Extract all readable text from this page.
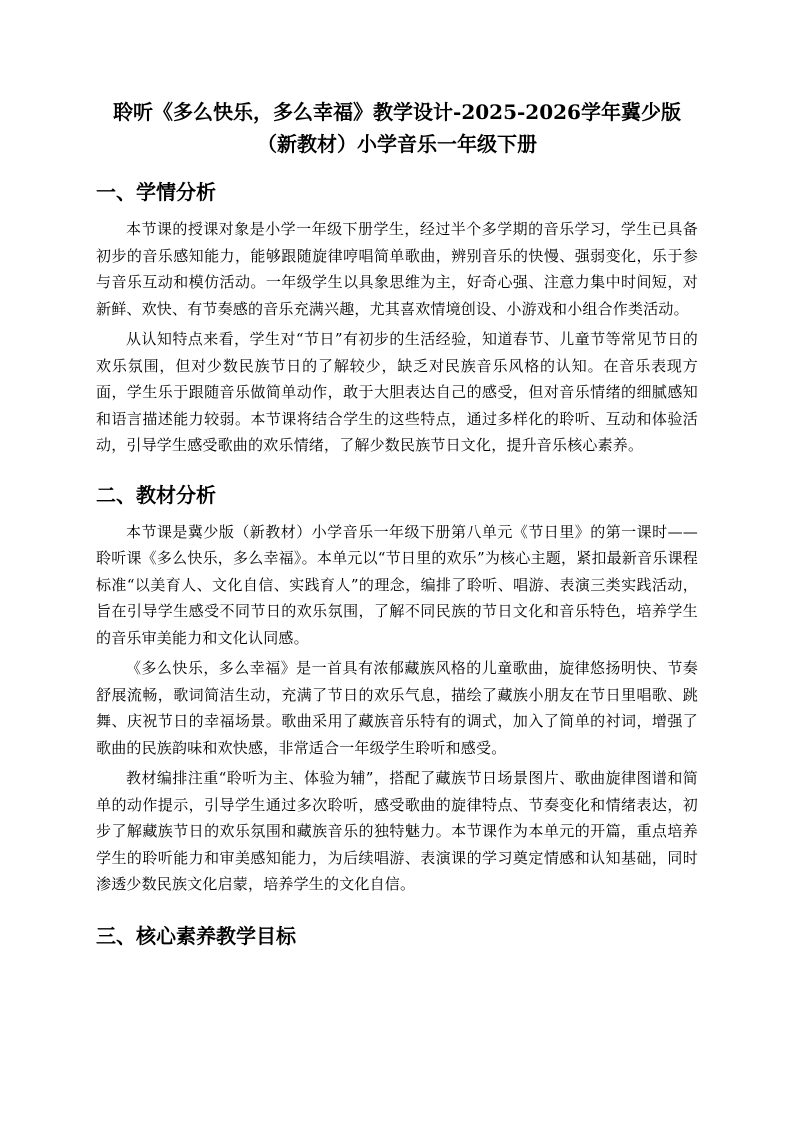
聆听《多么快乐，多么幸福》教学设计-2025-2026学年冀少版（新教材）小学音乐一年级下册
一、学情分析

本节课的授课对象是小学一年级下册学生，经过半个多学期的音乐学习，学生已具备初步的音乐感知能力，能够跟随旋律哼唱简单歌曲，辨别音乐的快慢、强弱变化，乐于参与音乐互动和模仿活动。一年级学生以具象思维为主，好奇心强、注意力集中时间短，对新鲜、欢快、有节奏感的音乐充满兴趣，尤其喜欢情境创设、小游戏和小组合作类活动。

从认知特点来看，学生对“节日”有初步的生活经验，知道春节、儿童节等常见节日的欢乐氛围，但对少数民族节日的了解较少，缺乏对民族音乐风格的认知。在音乐表现方面，学生乐于跟随音乐做简单动作，敢于大胆表达自己的感受，但对音乐情绪的细腻感知和语言描述能力较弱。本节课将结合学生的这些特点，通过多样化的聆听、互动和体验活动，引导学生感受歌曲的欢乐情绪，了解少数民族节日文化，提升音乐核心素养。

二、教材分析

本节课是冀少版（新教材）小学音乐一年级下册第八单元《节日里》的第一课时——聆听课《多么快乐，多么幸福》。本单元以“节日里的欢乐”为核心主题，紧扣最新音乐课程标准“以美育人、文化自信、实践育人”的理念，编排了聆听、唱游、表演三类实践活动，旨在引导学生感受不同节日的欢乐氛围，了解不同民族的节日文化和音乐特色，培养学生的音乐审美能力和文化认同感。

《多么快乐，多么幸福》是一首具有浓郁藏族风格的儿童歌曲，旋律悠扬明快、节奏舒展流畅，歌词简洁生动，充满了节日的欢乐气息，描绘了藏族小朋友在节日里唱歌、跳舞、庆祝节日的幸福场景。歌曲采用了藏族音乐特有的调式，加入了简单的衬词，增强了歌曲的民族韵味和欢快感，非常适合一年级学生聆听和感受。

教材编排注重“聆听为主、体验为辅”，搭配了藏族节日场景图片、歌曲旋律图谱和简单的动作提示，引导学生通过多次聆听，感受歌曲的旋律特点、节奏变化和情绪表达，初步了解藏族节日的欢乐氛围和藏族音乐的独特魅力。本节课作为本单元的开篇，重点培养学生的聆听能力和审美感知能力，为后续唱游、表演课的学习奠定情感和认知基础，同时渗透少数民族文化启蒙，培养学生的文化自信。

三、核心素养教学目标
